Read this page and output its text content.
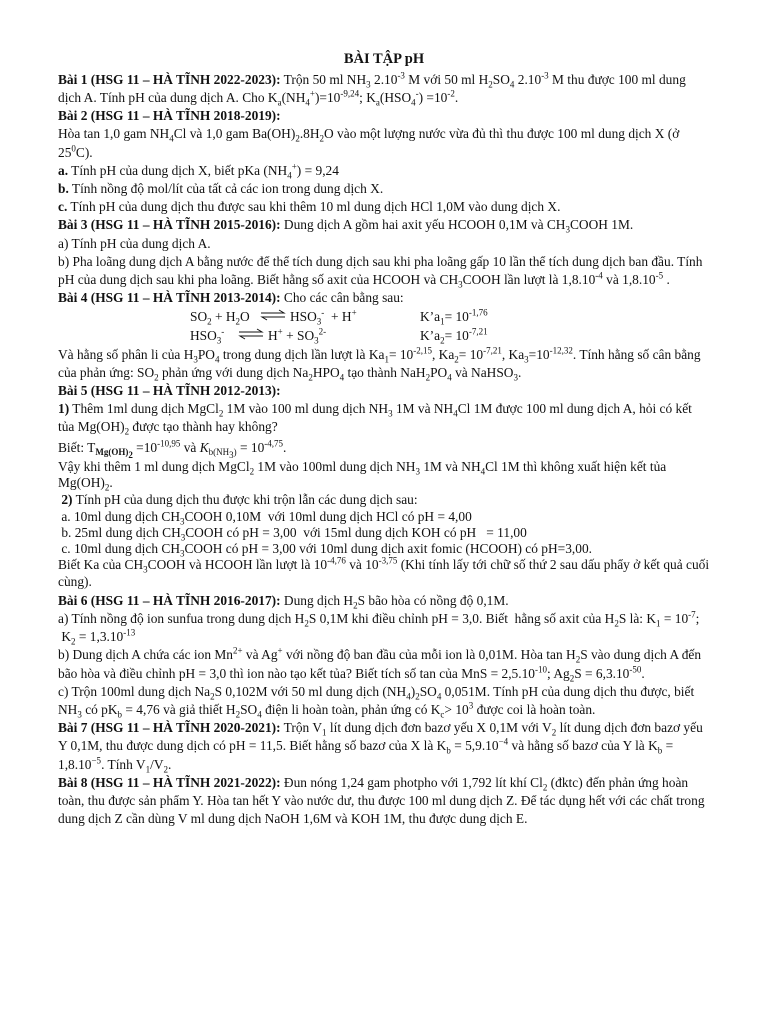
BÀI TẬP pH

Bài 1 (HSG 11 – HÀ TĨNH 2022-2023): Trộn 50 ml $NH_3$ $2.10^{-3}$ M với 50 ml $H_2SO_4$ $2.10^{-3}$ M thu được 100 ml dung dịch A. Tính pH của dung dịch A. Cho $K_a(NH_4^+)=10^{-9,24}$; $K_a(HSO_4^-) =10^{-2}$.

Bài 2 (HSG 11 – HÀ TĨNH 2018-2019):

Hòa tan 1,0 gam $NH_4Cl$ và 1,0 gam $Ba(OH)_2.8H_2O$ vào một lượng nước vừa đủ thì thu được 100 ml dung dịch X (ở $25^0C$).

a. Tính pH của dung dịch X, biết pKa $(NH_4^+) = 9,24$

b. Tính nồng độ mol/lít của tất cả các ion trong dung dịch X.

c. Tính pH của dung dịch thu được sau khi thêm 10 ml dung dịch HCl 1,0M vào dung dịch X.

Bài 3 (HSG 11 – HÀ TĨNH 2015-2016): Dung dịch A gồm hai axit yếu HCOOH 0,1M và $CH_3COOH$ 1M.

a) Tính pH của dung dịch A.

b) Pha loãng dung dịch A bằng nước để thể tích dung dịch sau khi pha loãng gấp 10 lần thể tích dung dịch ban đầu. Tính pH của dung dịch sau khi pha loãng. Biết hằng số axit của HCOOH và $CH_3COOH$ lần lượt là $1,8.10^{-4}$ và $1,8.10^{-5}$ .

Bài 4 (HSG 11 – HÀ TĨNH 2013-2014): Cho các cân bằng sau:

$SO_2 + H_2O$	$HSO_3^- + H^+$	$K’a_1= 10^{-1,76}$
$HSO_3^-$	$H^+ + SO_3^{2-}$	$K’a_2= 10^{-7,21}$

Và hằng số phân li của $H_3PO_4$ trong dung dịch lần lượt là $Ka_1= 10^{-2,15}$, $Ka_2= 10^{-7,21}$, $Ka_3=10^{-12,32}$. Tính hằng số cân bằng của phản ứng: $SO_2$ phản ứng với dung dịch $Na_2HPO_4$ tạo thành $NaH_2PO_4$ và NaHSO$_3$.

Bài 5 (HSG 11 – HÀ TĨNH 2012-2013):

1) Thêm 1ml dung dịch MgCl$_2$ 1M vào 100 ml dung dịch $NH_3$ 1M và $NH_4Cl$ 1M được 100 ml dung dịch A, hỏi có kết tủa $Mg(OH)_2$ được tạo thành hay không?

Biết: $T_{Mg(OH)_2} =10^{-10,95}$ và $K_{b(NH_3)} = 10^{-4,75}$.

Vậy khi thêm 1 ml dung dịch MgCl$_2$ 1M vào 100ml dung dịch $NH_3$ 1M và $NH_4Cl$ 1M thì không xuất hiện kết tủa $Mg(OH)_2$.

2) Tính pH của dung dịch thu được khi trộn lẫn các dung dịch sau:

a. 10ml dung dịch $CH_3COOH$ 0,10M  với 10ml dung dịch HCl có pH = 4,00

b. 25ml dung dịch $CH_3COOH$ có pH = 3,00  với 15ml dung dịch KOH có pH   = 11,00

c. 10ml dung dịch $CH_3COOH$ có pH = 3,00 với 10ml dung dịch axit fomic (HCOOH) có pH=3,00.

Biết Ka của $CH_3COOH$ và HCOOH lần lượt là $10^{-4,76}$ và $10^{-3,75}$ (Khi tính lấy tới chữ số thứ 2 sau dấu phẩy ở kết quả cuối cùng).

Bài 6 (HSG 11 – HÀ TĨNH 2016-2017): Dung dịch $H_2S$ bão hòa có nồng độ 0,1M.

a) Tính nồng độ ion sunfua trong dung dịch $H_2S$ 0,1M khi điều chỉnh pH = 3,0. Biết  hằng số axit của $H_2S$ là: $K_1 = 10^{-7}$;  $K_2 = 1,3.10^{-13}$

b) Dung dịch A chứa các ion $Mn^{2+}$ và Ag+ với nồng độ ban đầu của mỗi ion là 0,01M. Hòa $\tan H_2S$ vào dung dịch A đến bão hòa và điều chỉnh pH = 3,0 thì ion nào tạo kết tủa? Biết tích số tan của MnS = $2,5.10^{-10}$; $Ag_2S = 6,3.10^{-50}$.

c) Trộn 100ml dung dịch $Na_2S$ 0,102M với 50 ml dung dịch $(NH_4)_2SO_4$ 0,051M. Tính pH của dung dịch thu được, biết $NH_3$ có $pK_b = 4,76$ và giả thiết $H_2SO_4$ điện li hoàn toàn, phản ứng có $K_c> 10^3$ được coi là hoàn toàn.

Bài 7 (HSG 11 – HÀ TĨNH 2020-2021): Trộn $V_1$ lít dung dịch đơn bazơ yếu X 0,1M với $V_2$ lít dung dịch đơn bazơ yếu Y 0,1M, thu được dung dịch có pH = 11,5. Biết hằng số bazơ của X là $K_b = 5,9.10^{-4}$ và hằng số bazơ của Y là $K_b = 1,8.10^{-5}$. Tính $V_1/V_2$.

Bài 8 (HSG 11 – HÀ TĨNH 2021-2022): Đun nóng 1,24 gam photpho với 1,792 lít khí $Cl_2$ (đktc) đến phản ứng hoàn toàn, thu được sản phẩm Y. Hòa tan hết Y vào nước dư, thu được 100 ml dung dịch Z. Để tác dụng hết với các chất trong dung dịch Z cần dùng V ml dung dịch NaOH 1,6M và KOH 1M, thu được dung dịch E.
